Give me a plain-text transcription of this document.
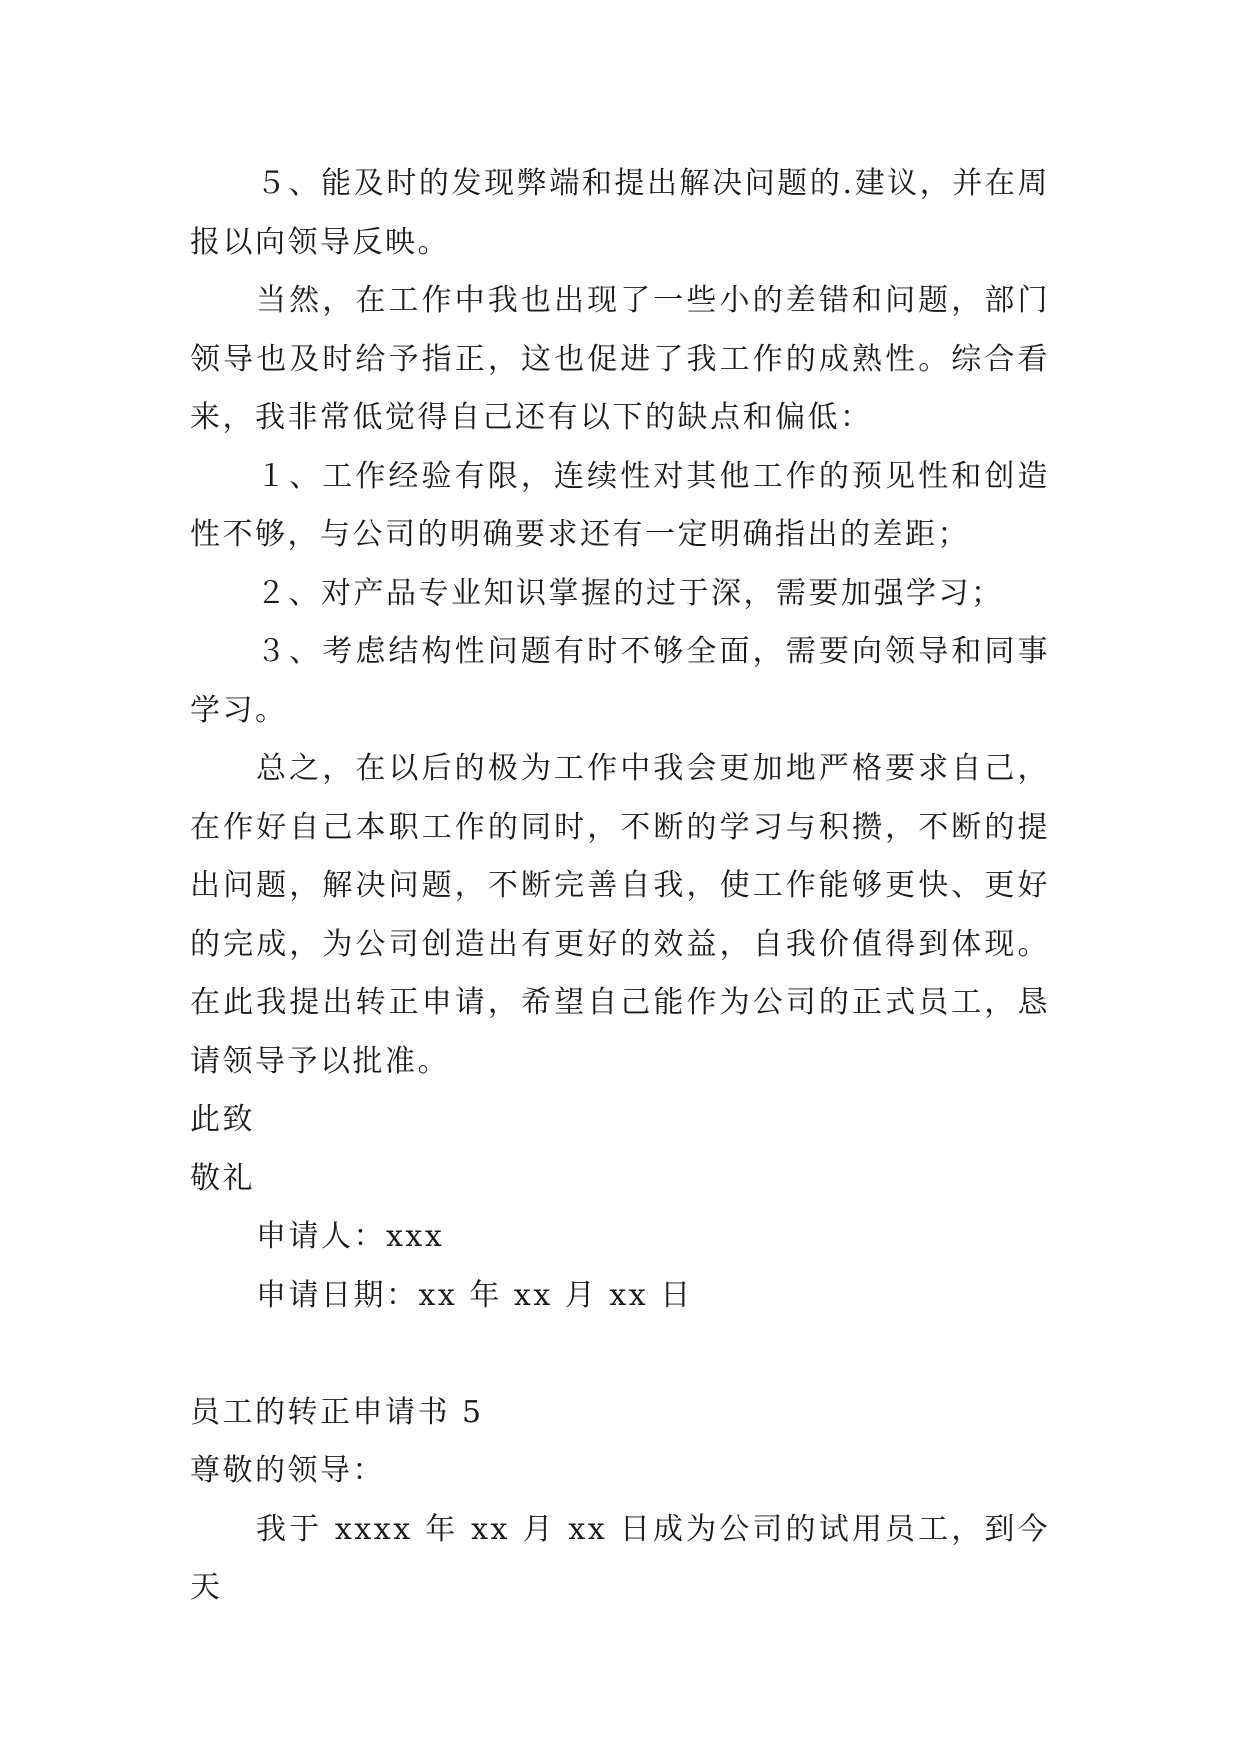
５、能及时的发现弊端和提出解决问题的.建议，并在周报以向领导反映。

当然，在工作中我也出现了一些小的差错和问题，部门领导也及时给予指正，这也促进了我工作的成熟性。综合看来，我非常低觉得自己还有以下的缺点和偏低：

１、工作经验有限，连续性对其他工作的预见性和创造性不够，与公司的明确要求还有一定明确指出的差距；

２、对产品专业知识掌握的过于深，需要加强学习；

３、考虑结构性问题有时不够全面，需要向领导和同事学习。

总之，在以后的极为工作中我会更加地严格要求自己，在作好自己本职工作的同时，不断的学习与积攒，不断的提出问题，解决问题，不断完善自我，使工作能够更快、更好的完成，为公司创造出有更好的效益，自我价值得到体现。在此我提出转正申请，希望自己能作为公司的正式员工，恳请领导予以批准。

此致

敬礼

申请人：xxx

申请日期：xx 年 xx 月 xx 日

员工的转正申请书 5

尊敬的领导：

我于 xxxx 年 xx 月 xx 日成为公司的试用员工，到今天
